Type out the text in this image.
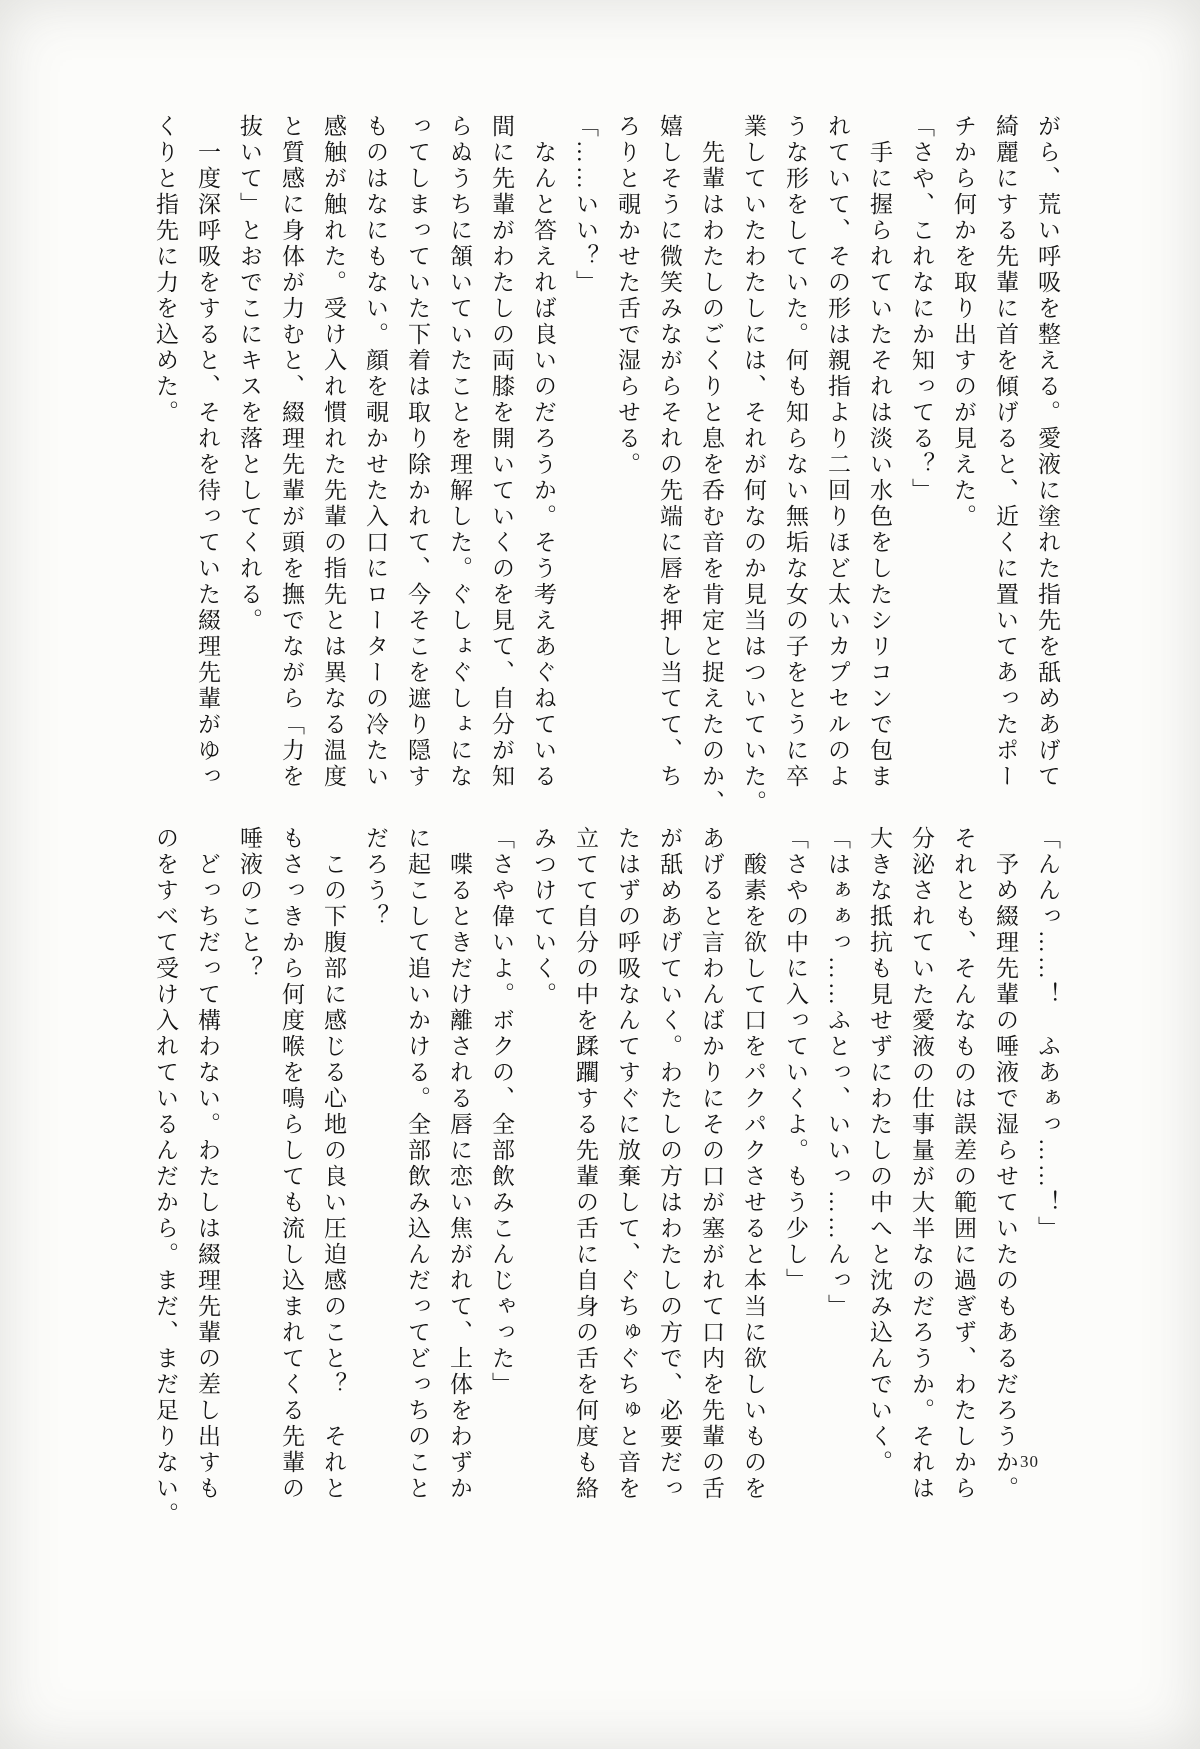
がら、荒い呼吸を整える。愛液に塗れた指先を舐めあげて
綺麗にする先輩に首を傾げると、近くに置いてあったポー
チから何かを取り出すのが見えた。
「さや、これなにか知ってる？」
　手に握られていたそれは淡い水色をしたシリコンで包ま
れていて、その形は親指より二回りほど太いカプセルのよ
うな形をしていた。何も知らない無垢な女の子をとうに卒
業していたわたしには、それが何なのか見当はついていた。
　先輩はわたしのごくりと息を呑む音を肯定と捉えたのか、
嬉しそうに微笑みながらそれの先端に唇を押し当てて、ち
ろりと覗かせた舌で湿らせる。
「……いい？」
　なんと答えれば良いのだろうか。そう考えあぐねている
間に先輩がわたしの両膝を開いていくのを見て、自分が知
らぬうちに頷いていたことを理解した。ぐしょぐしょにな
ってしまっていた下着は取り除かれて、今そこを遮り隠す
ものはなにもない。顔を覗かせた入口にローターの冷たい
感触が触れた。受け入れ慣れた先輩の指先とは異なる温度
と質感に身体が力むと、綴理先輩が頭を撫でながら「力を
抜いて」とおでこにキスを落としてくれる。
　一度深呼吸をすると、それを待っていた綴理先輩がゆっ
くりと指先に力を込めた。
「んんっ……！　ふあぁっ……！」
　予め綴理先輩の唾液で湿らせていたのもあるだろうか。
それとも、そんなものは誤差の範囲に過ぎず、わたしから
分泌されていた愛液の仕事量が大半なのだろうか。それは
大きな抵抗も見せずにわたしの中へと沈み込んでいく。
「はぁぁっ……ふとっ、いいっ……んっ」
「さやの中に入っていくよ。もう少し」
　酸素を欲して口をパクパクさせると本当に欲しいものを
あげると言わんばかりにその口が塞がれて口内を先輩の舌
が舐めあげていく。わたしの方はわたしの方で、必要だっ
たはずの呼吸なんてすぐに放棄して、ぐちゅぐちゅと音を
立てて自分の中を蹂躙する先輩の舌に自身の舌を何度も絡
みつけていく。
「さや偉いよ。ボクの、全部飲みこんじゃった」
　喋るときだけ離される唇に恋い焦がれて、上体をわずか
に起こして追いかける。全部飲み込んだってどっちのこと
だろう？
　この下腹部に感じる心地の良い圧迫感のこと？　それと
もさっきから何度喉を鳴らしても流し込まれてくる先輩の
唾液のこと？
　どっちだって構わない。わたしは綴理先輩の差し出すも
のをすべて受け入れているんだから。まだ、まだ足りない。	30
